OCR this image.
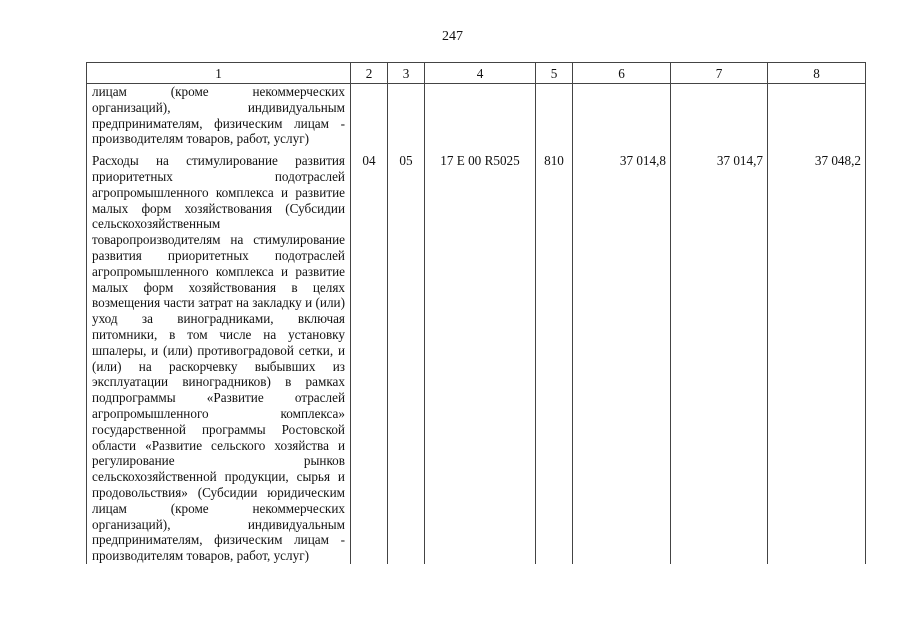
247
1	2	3	4	5	6	7	8

лицам (кроме некоммерческих организаций), индивидуальным предпринимателям, физическим лицам - производителям товаров, работ, услуг)							

Расходы на стимулирование развития приоритетных подотраслей агропромышленного комплекса и развитие малых форм хозяйствования (Субсидии сельскохозяйственным товаропроизводителям на стимулирование развития приоритетных подотраслей агропромышленного комплекса и развитие малых форм хозяйствования в целях возмещения части затрат на закладку и (или) уход за виноградниками, включая питомники, в том числе на установку шпалеры, и (или) противоградовой сетки, и (или) на раскорчевку выбывших из эксплуатации виноградников) в рамках подпрограммы «Развитие отраслей агропромышленного комплекса» государственной программы Ростовской области «Развитие сельского хозяйства и регулирование рынков сельскохозяйственной продукции, сырья и продовольствия» (Субсидии юридическим лицам (кроме некоммерческих организаций), индивидуальным предпринимателям, физическим лицам - производителям товаров, работ, услуг)	04	05	17 Е 00 R5025	810	37 014,8	37 014,7	37 048,2
